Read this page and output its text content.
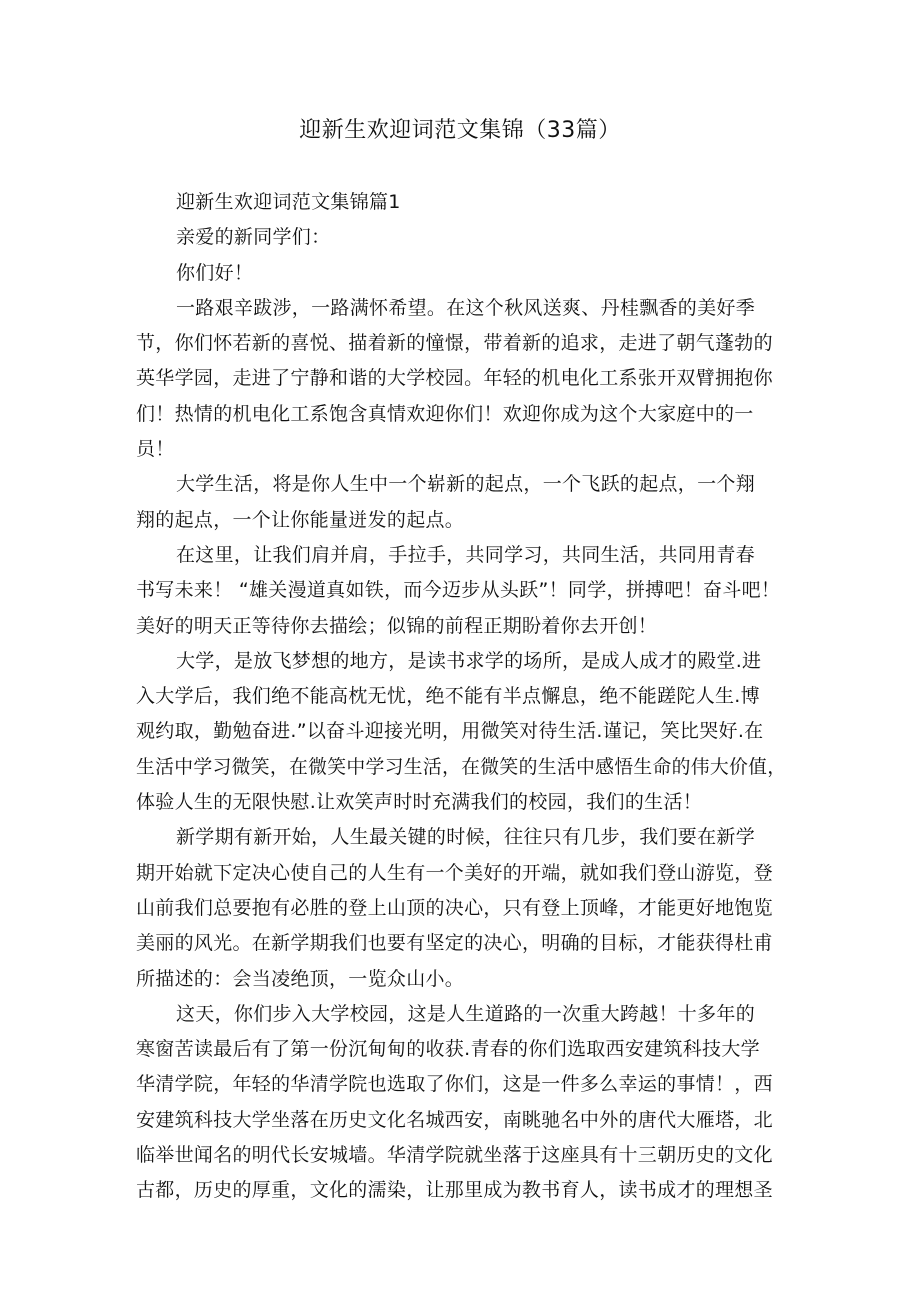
迎新生欢迎词范文集锦（33篇）
迎新生欢迎词范文集锦篇1
亲爱的新同学们：
你们好！
一路艰辛跋涉，一路满怀希望。在这个秋风送爽、丹桂飘香的美好季
节，你们怀若新的喜悦、描着新的憧憬，带着新的追求，走进了朝气蓬勃的
英华学园，走进了宁静和谐的大学校园。年轻的机电化工系张开双臂拥抱你
们！热情的机电化工系饱含真情欢迎你们！欢迎你成为这个大家庭中的一
员！
大学生活，将是你人生中一个崭新的起点，一个飞跃的起点，一个翔
翔的起点，一个让你能量迸发的起点。
在这里，让我们肩并肩，手拉手，共同学习，共同生活，共同用青春
书写未来！ “雄关漫道真如铁，而今迈步从头跃”！同学，拼搏吧！奋斗吧！
美好的明天正等待你去描绘；似锦的前程正期盼着你去开创！
大学，是放飞梦想的地方，是读书求学的场所，是成人成才的殿堂.进
入大学后，我们绝不能高枕无忧，绝不能有半点懈息，绝不能蹉陀人生.博
观约取，勤勉奋进.”以奋斗迎接光明，用微笑对待生活.谨记，笑比哭好.在
生活中学习微笑，在微笑中学习生活，在微笑的生活中感悟生命的伟大价值，
体验人生的无限快慰.让欢笑声时时充满我们的校园，我们的生活！
新学期有新开始，人生最关键的时候，往往只有几步，我们要在新学
期开始就下定决心使自己的人生有一个美好的开端，就如我们登山游览，登
山前我们总要抱有必胜的登上山顶的决心，只有登上顶峰，才能更好地饱览
美丽的风光。在新学期我们也要有坚定的决心，明确的目标，才能获得杜甫
所描述的：会当凌绝顶，一览众山小。
这天，你们步入大学校园，这是人生道路的一次重大跨越！十多年的
寒窗苦读最后有了第一份沉甸甸的收获.青春的你们选取西安建筑科技大学
华清学院，年轻的华清学院也选取了你们，这是一件多么幸运的事情！，西
安建筑科技大学坐落在历史文化名城西安，南眺驰名中外的唐代大雁塔，北
临举世闻名的明代长安城墙。华清学院就坐落于这座具有十三朝历史的文化
古都，历史的厚重，文化的濡染，让那里成为教书育人，读书成才的理想圣
